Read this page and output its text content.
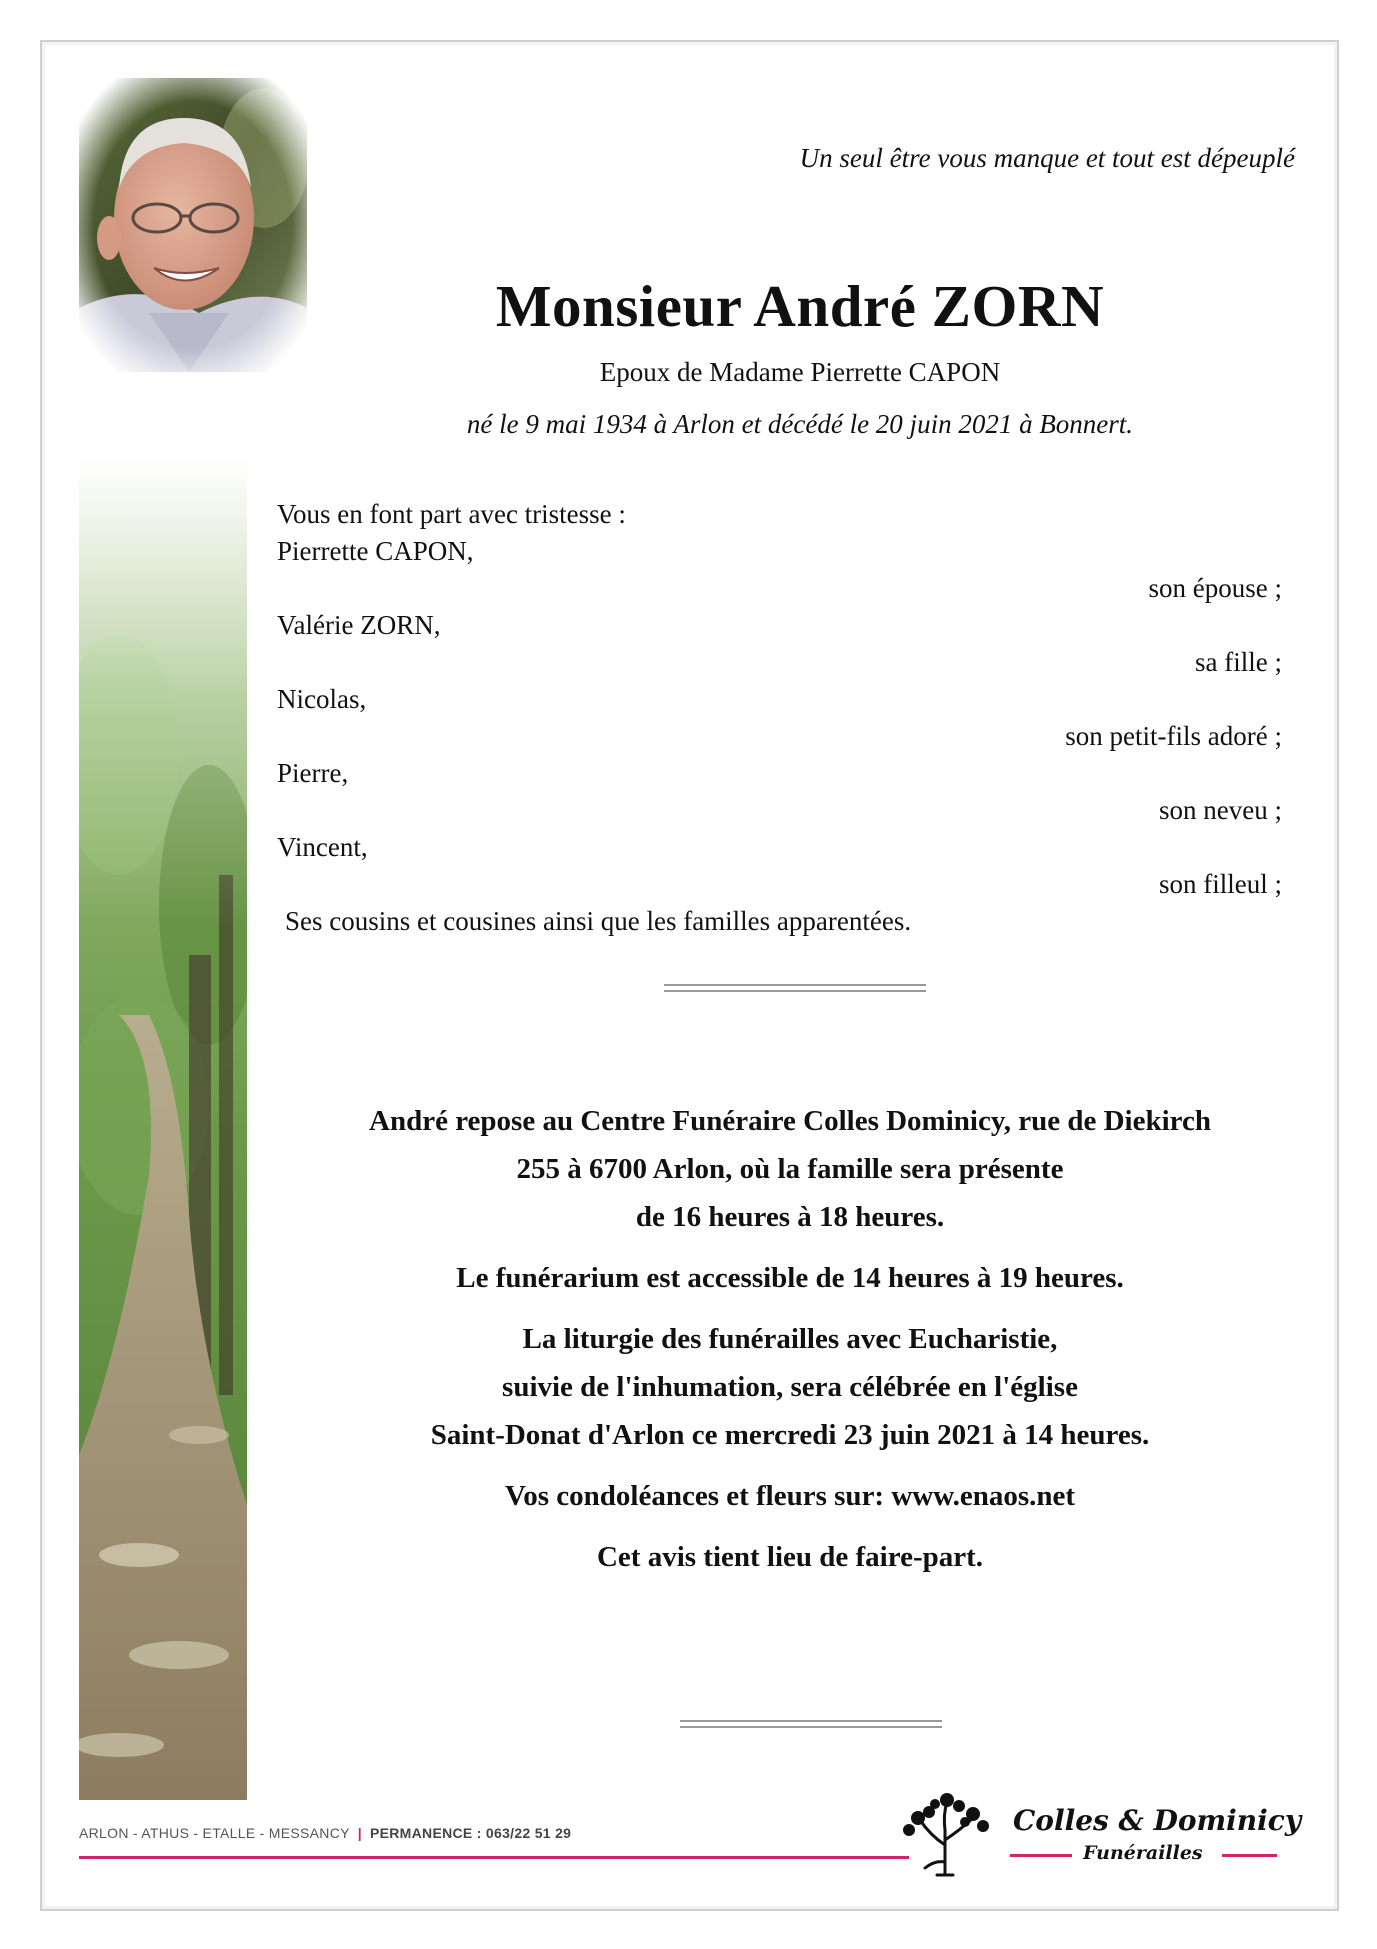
Un seul être vous manque et tout est dépeuplé
Monsieur André ZORN
Epoux de Madame Pierrette CAPON
né le 9 mai 1934 à Arlon et décédé le 20 juin 2021 à Bonnert.
Vous en font part avec tristesse :
Pierrette CAPON,
son épouse ;
Valérie ZORN,
sa fille ;
Nicolas,
son petit-fils adoré ;
Pierre,
son neveu ;
Vincent,
son filleul ;
Ses cousins et cousines ainsi que les familles apparentées.

André repose au Centre Funéraire Colles Dominicy, rue de Diekirch

255 à 6700 Arlon, où la famille sera présente

de 16 heures à 18 heures.

Le funérarium est accessible de 14 heures à 19 heures.

La liturgie des funérailles avec Eucharistie,

suivie de l'inhumation, sera célébrée en l'église

Saint-Donat d'Arlon ce mercredi 23 juin 2021 à 14 heures.

Vos condoléances et fleurs sur: www.enaos.net

Cet avis tient lieu de faire-part.

ARLON - ATHUS - ETALLE - MESSANCY | PERMANENCE : 063/22 51 29	Colles & Dominicy
Funérailles
